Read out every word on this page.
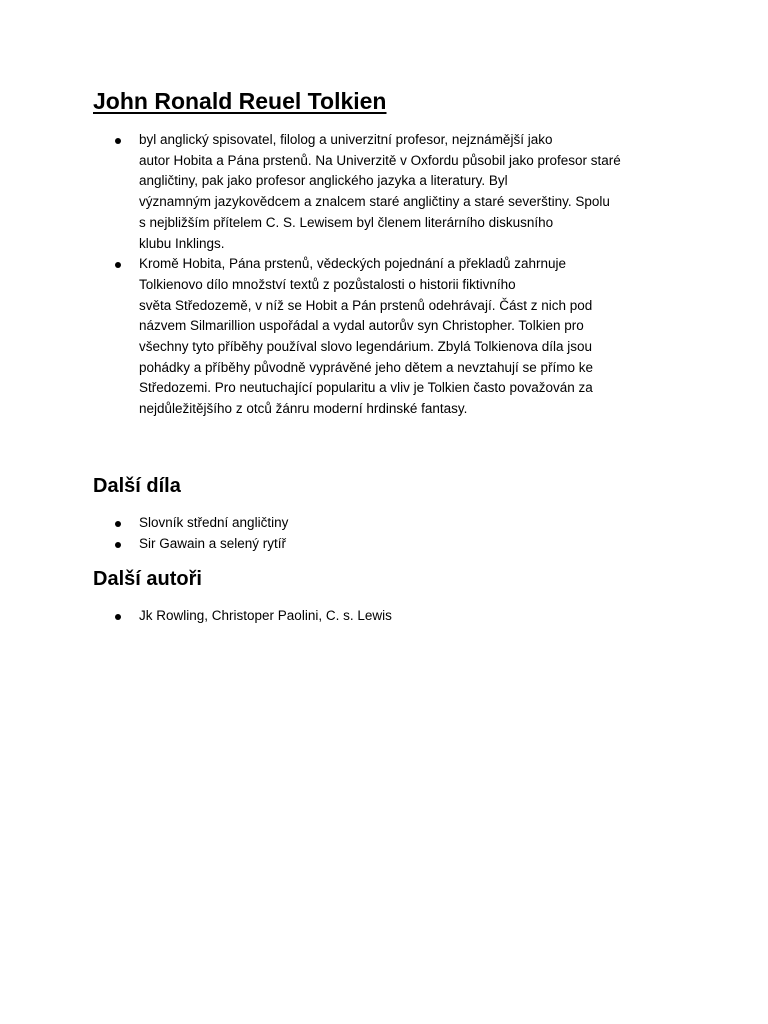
John Ronald Reuel Tolkien
byl anglický spisovatel, filolog a univerzitní profesor, nejznámější jako
autor Hobita a Pána prstenů. Na Univerzitě v Oxfordu působil jako profesor staré
angličtiny, pak jako profesor anglického jazyka a literatury. Byl
významným jazykovědcem a znalcem staré angličtiny a staré severštiny. Spolu
s nejbližším přítelem C. S. Lewisem byl členem literárního diskusního
klubu Inklings.
Kromě Hobita, Pána prstenů, vědeckých pojednání a překladů zahrnuje
Tolkienovo dílo množství textů z pozůstalosti o historii fiktivního
světa Středozemě, v níž se Hobit a Pán prstenů odehrávají. Část z nich pod
názvem Silmarillion uspořádal a vydal autorův syn Christopher. Tolkien pro
všechny tyto příběhy používal slovo legendárium. Zbylá Tolkienova díla jsou
pohádky a příběhy původně vyprávěné jeho dětem a nevztahují se přímo ke
Středozemi. Pro neutuchající popularitu a vliv je Tolkien často považován za
nejdůležitějšího z otců žánru moderní hrdinské fantasy.
Další díla
Slovník střední angličtiny
Sir Gawain a selený rytíř
Další autoři
Jk Rowling, Christoper Paolini, C. s. Lewis
